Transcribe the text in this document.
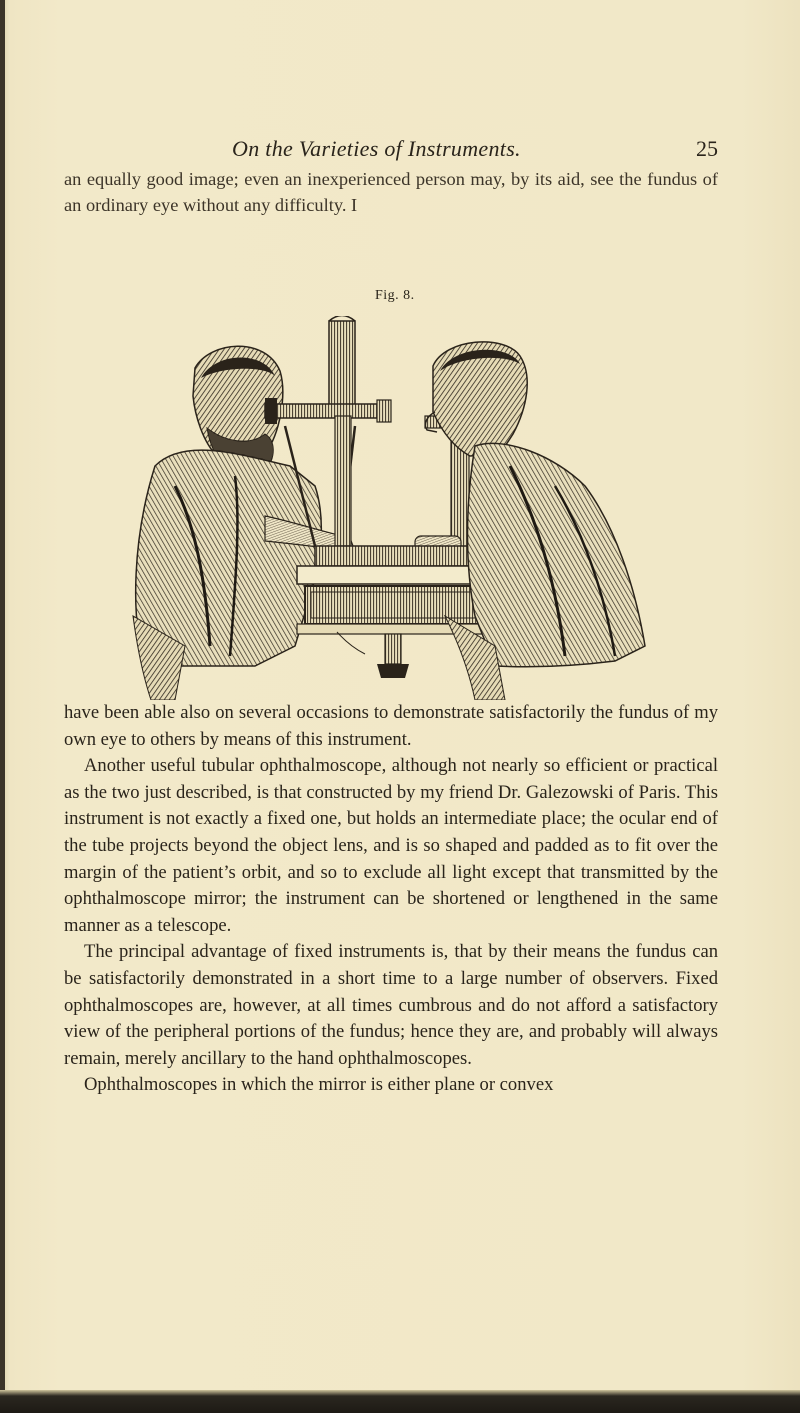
On the Varieties of Instruments.	25

an equally good image; even an inexperienced person may, by its aid, see the fundus of an ordinary eye without any difficulty. I

Fig. 8.

have been able also on several occasions to demonstrate satisfactorily the fundus of my own eye to others by means of this instrument.

Another useful tubular ophthalmoscope, although not nearly so efficient or practical as the two just described, is that constructed by my friend Dr. Galezowski of Paris. This instrument is not exactly a fixed one, but holds an intermediate place; the ocular end of the tube projects beyond the object lens, and is so shaped and padded as to fit over the margin of the patient’s orbit, and so to exclude all light except that transmitted by the ophthalmoscope mirror; the instrument can be shortened or lengthened in the same manner as a telescope.

The principal advantage of fixed instruments is, that by their means the fundus can be satisfactorily demonstrated in a short time to a large number of observers. Fixed ophthalmoscopes are, however, at all times cumbrous and do not afford a satisfactory view of the peripheral portions of the fundus; hence they are, and probably will always remain, merely ancillary to the hand ophthalmoscopes.

Ophthalmoscopes in which the mirror is either plane or convex
